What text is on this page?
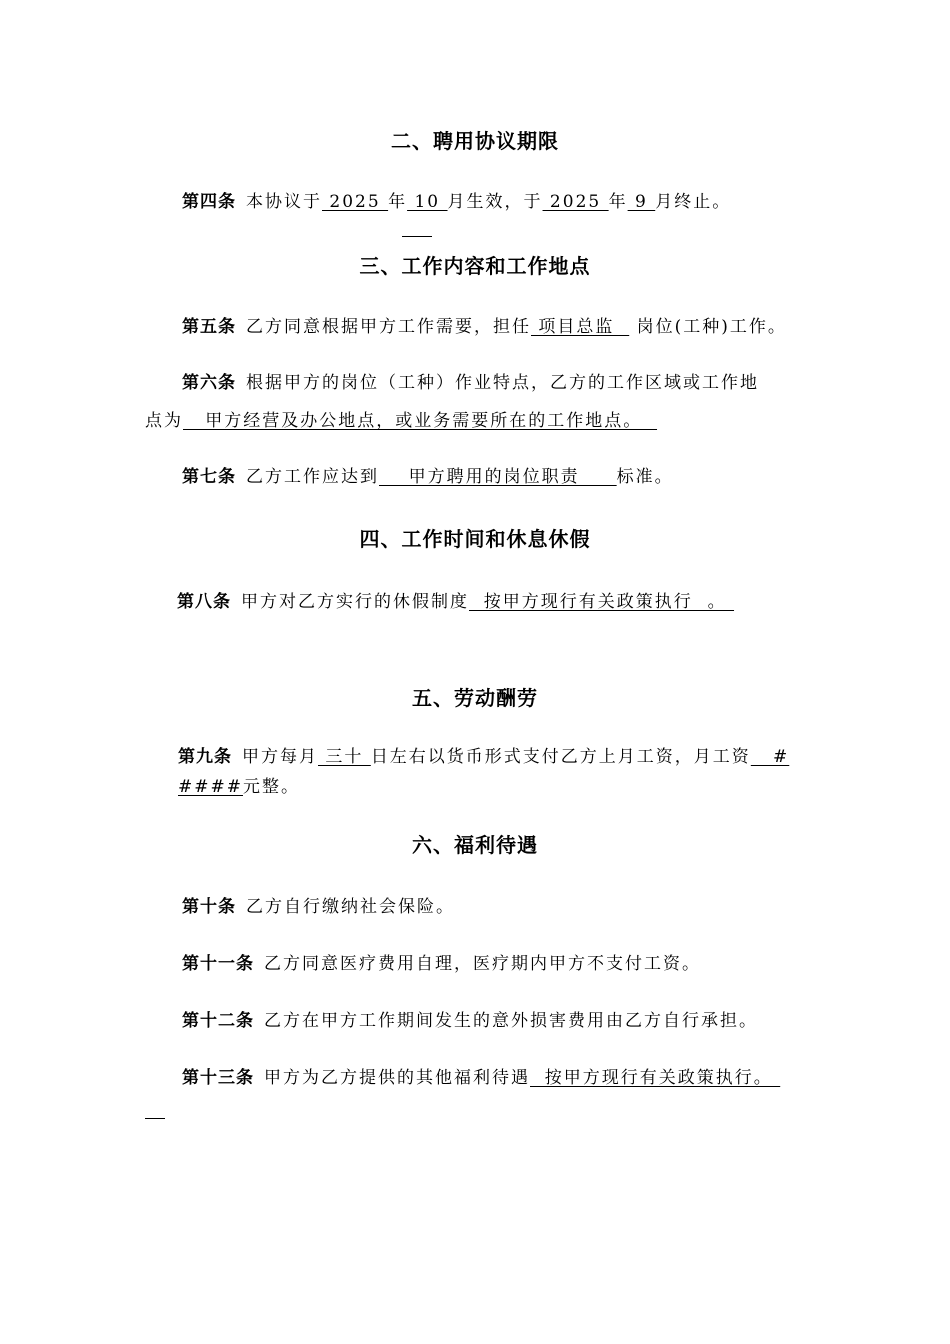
二、聘用协议期限
第四条 本协议于 2025 年 10 月生效，于 2025 年 9 月终止。
三、工作内容和工作地点
第五条 乙方同意根据甲方工作需要，担任 项目总监   岗位(工种)工作。
第六条 根据甲方的岗位（工种）作业特点，乙方的工作区域或工作地
点为   甲方经营及办公地点，或业务需要所在的工作地点。
第七条 乙方工作应达到    甲方聘用的岗位职责     标准。
四、工作时间和休息休假
第八条 甲方对乙方实行的休假制度  按甲方现行有关政策执行  。
五、劳动酬劳
第九条 甲方每月 三十 日左右以货币形式支付乙方上月工资，月工资   #
####元整。
六、福利待遇
第十条 乙方自行缴纳社会保险。
第十一条 乙方同意医疗费用自理，医疗期内甲方不支付工资。
第十二条 乙方在甲方工作期间发生的意外损害费用由乙方自行承担。
第十三条 甲方为乙方提供的其他福利待遇  按甲方现行有关政策执行。
